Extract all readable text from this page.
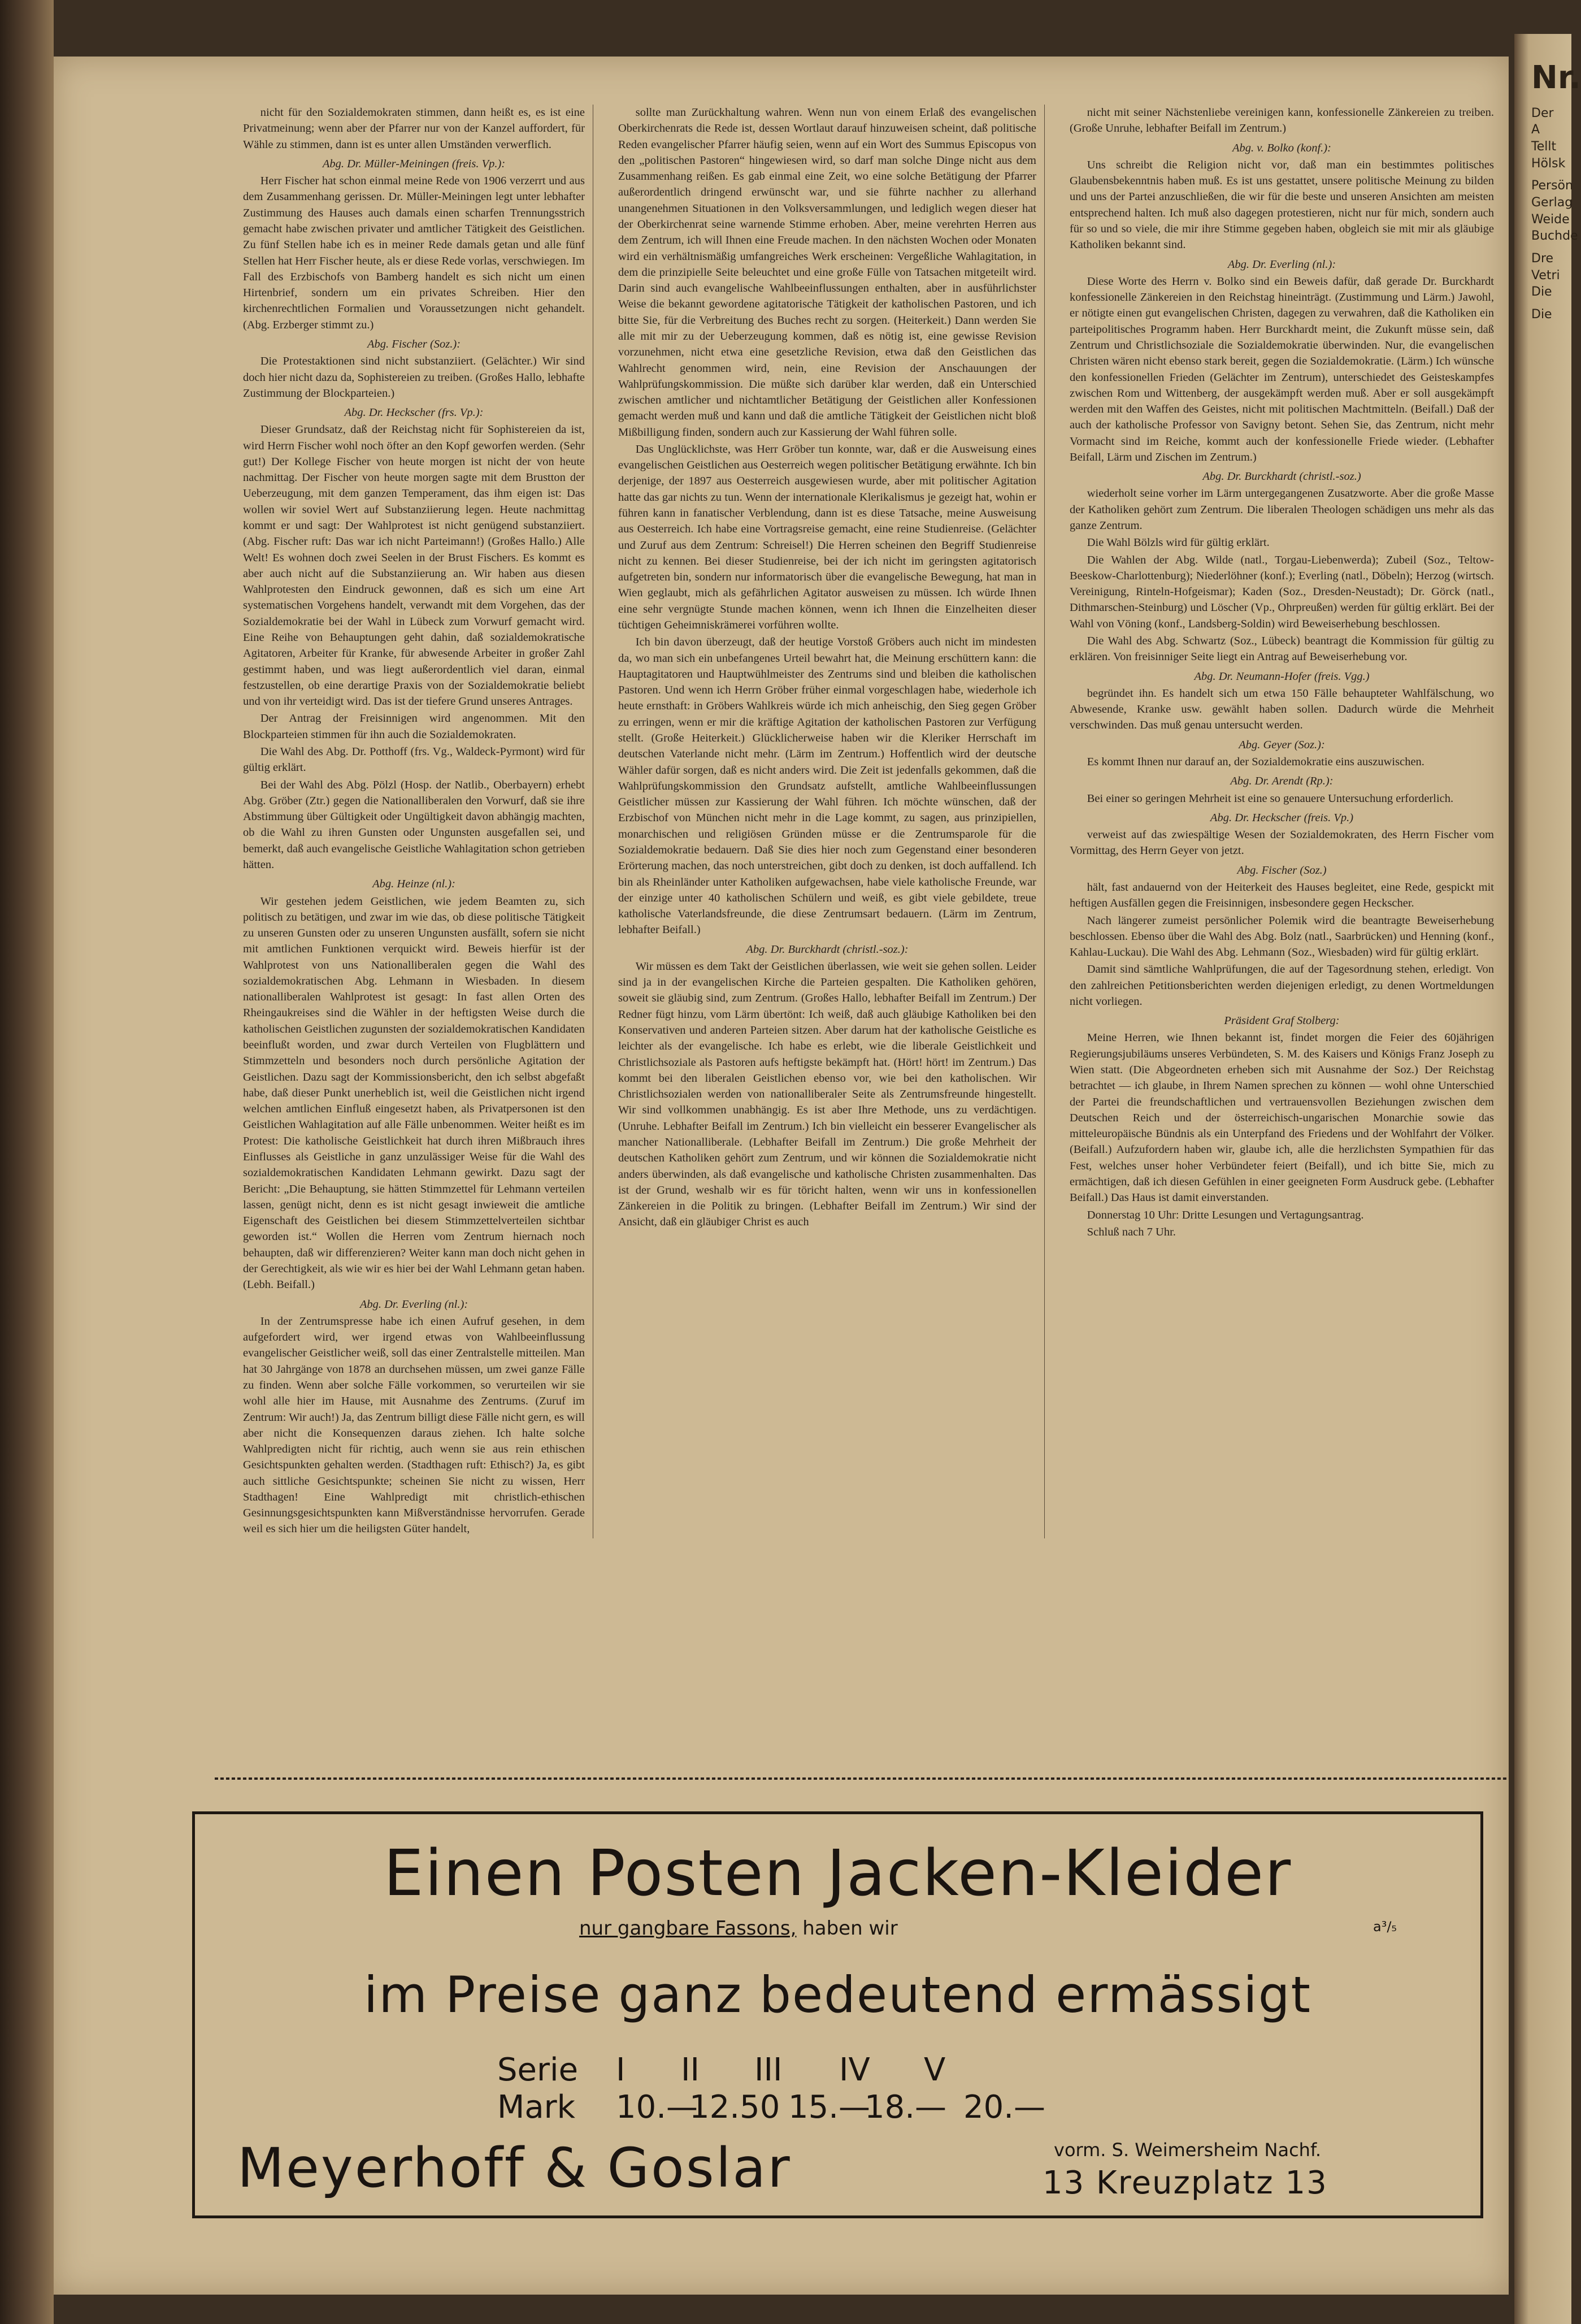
nicht für den Sozialdemokraten stimmen, dann heißt es, es ist eine Privatmeinung; wenn aber der Pfarrer nur von der Kanzel auffordert, für Wähle zu stimmen, dann ist es unter allen Umständen verwerflich.

Abg. Dr. Müller-Meiningen (freis. Vp.):

Herr Fischer hat schon einmal meine Rede von 1906 verzerrt und aus dem Zusammenhang gerissen. Dr. Müller-Meiningen legt unter lebhafter Zustimmung des Hauses auch damals einen scharfen Trennungsstrich gemacht habe zwischen privater und amtlicher Tätigkeit des Geistlichen. Zu fünf Stellen habe ich es in meiner Rede damals getan und alle fünf Stellen hat Herr Fischer heute, als er diese Rede vorlas, verschwiegen. Im Fall des Erzbischofs von Bamberg handelt es sich nicht um einen Hirtenbrief, sondern um ein privates Schreiben. Hier den kirchenrechtlichen Formalien und Voraussetzungen nicht gehandelt. (Abg. Erzberger stimmt zu.)

Abg. Fischer (Soz.):

Die Protestaktionen sind nicht substanziiert. (Gelächter.) Wir sind doch hier nicht dazu da, Sophistereien zu treiben. (Großes Hallo, lebhafte Zustimmung der Blockparteien.)

Abg. Dr. Heckscher (frs. Vp.):

Dieser Grundsatz, daß der Reichstag nicht für Sophistereien da ist, wird Herrn Fischer wohl noch öfter an den Kopf geworfen werden. (Sehr gut!) Der Kollege Fischer von heute morgen ist nicht der von heute nachmittag. Der Fischer von heute morgen sagte mit dem Brustton der Ueberzeugung, mit dem ganzen Temperament, das ihm eigen ist: Das wollen wir soviel Wert auf Substanziierung legen. Heute nachmittag kommt er und sagt: Der Wahlprotest ist nicht genügend substanziiert. (Abg. Fischer ruft: Das war ich nicht Parteimann!) (Großes Hallo.) Alle Welt! Es wohnen doch zwei Seelen in der Brust Fischers. Es kommt es aber auch nicht auf die Substanziierung an. Wir haben aus diesen Wahlprotesten den Eindruck gewonnen, daß es sich um eine Art systematischen Vorgehens handelt, verwandt mit dem Vorgehen, das der Sozialdemokratie bei der Wahl in Lübeck zum Vorwurf gemacht wird. Eine Reihe von Behauptungen geht dahin, daß sozialdemokratische Agitatoren, Arbeiter für Kranke, für abwesende Arbeiter in großer Zahl gestimmt haben, und was liegt außerordentlich viel daran, einmal festzustellen, ob eine derartige Praxis von der Sozialdemokratie beliebt und von ihr verteidigt wird. Das ist der tiefere Grund unseres Antrages.

Der Antrag der Freisinnigen wird angenommen. Mit den Blockparteien stimmen für ihn auch die Sozialdemokraten.

Die Wahl des Abg. Dr. Potthoff (frs. Vg., Waldeck-Pyrmont) wird für gültig erklärt.

Bei der Wahl des Abg. Pölzl (Hosp. der Natlib., Oberbayern) erhebt Abg. Gröber (Ztr.) gegen die Nationalliberalen den Vorwurf, daß sie ihre Abstimmung über Gültigkeit oder Ungültigkeit davon abhängig machten, ob die Wahl zu ihren Gunsten oder Ungunsten ausgefallen sei, und bemerkt, daß auch evangelische Geistliche Wahlagitation schon getrieben hätten.

Abg. Heinze (nl.):

Wir gestehen jedem Geistlichen, wie jedem Beamten zu, sich politisch zu betätigen, und zwar im wie das, ob diese politische Tätigkeit zu unseren Gunsten oder zu unseren Ungunsten ausfällt, sofern sie nicht mit amtlichen Funktionen verquickt wird. Beweis hierfür ist der Wahlprotest von uns Nationalliberalen gegen die Wahl des sozialdemokratischen Abg. Lehmann in Wiesbaden. In diesem nationalliberalen Wahlprotest ist gesagt: In fast allen Orten des Rheingaukreises sind die Wähler in der heftigsten Weise durch die katholischen Geistlichen zugunsten der sozialdemokratischen Kandidaten beeinflußt worden, und zwar durch Verteilen von Flugblättern und Stimmzetteln und besonders noch durch persönliche Agitation der Geistlichen. Dazu sagt der Kommissionsbericht, den ich selbst abgefaßt habe, daß dieser Punkt unerheblich ist, weil die Geistlichen nicht irgend welchen amtlichen Einfluß eingesetzt haben, als Privatpersonen ist den Geistlichen Wahlagitation auf alle Fälle unbenommen. Weiter heißt es im Protest: Die katholische Geistlichkeit hat durch ihren Mißbrauch ihres Einflusses als Geistliche in ganz unzulässiger Weise für die Wahl des sozialdemokratischen Kandidaten Lehmann gewirkt. Dazu sagt der Bericht: „Die Behauptung, sie hätten Stimmzettel für Lehmann verteilen lassen, genügt nicht, denn es ist nicht gesagt inwieweit die amtliche Eigenschaft des Geistlichen bei diesem Stimmzettelverteilen sichtbar geworden ist.“ Wollen die Herren vom Zentrum hiernach noch behaupten, daß wir differenzieren? Weiter kann man doch nicht gehen in der Gerechtigkeit, als wie wir es hier bei der Wahl Lehmann getan haben. (Lebh. Beifall.)

Abg. Dr. Everling (nl.):

In der Zentrumspresse habe ich einen Aufruf gesehen, in dem aufgefordert wird, wer irgend etwas von Wahlbeeinflussung evangelischer Geistlicher weiß, soll das einer Zentralstelle mitteilen. Man hat 30 Jahrgänge von 1878 an durchsehen müssen, um zwei ganze Fälle zu finden. Wenn aber solche Fälle vorkommen, so verurteilen wir sie wohl alle hier im Hause, mit Ausnahme des Zentrums. (Zuruf im Zentrum: Wir auch!) Ja, das Zentrum billigt diese Fälle nicht gern, es will aber nicht die Konsequenzen daraus ziehen. Ich halte solche Wahlpredigten nicht für richtig, auch wenn sie aus rein ethischen Gesichtspunkten gehalten werden. (Stadthagen ruft: Ethisch?) Ja, es gibt auch sittliche Gesichtspunkte; scheinen Sie nicht zu wissen, Herr Stadthagen! Eine Wahlpredigt mit christlich-ethischen Gesinnungsgesichtspunkten kann Mißverständnisse hervorrufen. Gerade weil es sich hier um die heiligsten Güter handelt,

sollte man Zurückhaltung wahren. Wenn nun von einem Erlaß des evangelischen Oberkirchenrats die Rede ist, dessen Wortlaut darauf hinzuweisen scheint, daß politische Reden evangelischer Pfarrer häufig seien, wenn auf ein Wort des Summus Episcopus von den „politischen Pastoren“ hingewiesen wird, so darf man solche Dinge nicht aus dem Zusammenhang reißen. Es gab einmal eine Zeit, wo eine solche Betätigung der Pfarrer außerordentlich dringend erwünscht war, und sie führte nachher zu allerhand unangenehmen Situationen in den Volksversammlungen, und lediglich wegen dieser hat der Oberkirchenrat seine warnende Stimme erhoben. Aber, meine verehrten Herren aus dem Zentrum, ich will Ihnen eine Freude machen. In den nächsten Wochen oder Monaten wird ein verhältnismäßig umfangreiches Werk erscheinen: Vergeßliche Wahlagitation, in dem die prinzipielle Seite beleuchtet und eine große Fülle von Tatsachen mitgeteilt wird. Darin sind auch evangelische Wahlbeeinflussungen enthalten, aber in ausführlichster Weise die bekannt gewordene agitatorische Tätigkeit der katholischen Pastoren, und ich bitte Sie, für die Verbreitung des Buches recht zu sorgen. (Heiterkeit.) Dann werden Sie alle mit mir zu der Ueberzeugung kommen, daß es nötig ist, eine gewisse Revision vorzunehmen, nicht etwa eine gesetzliche Revision, etwa daß den Geistlichen das Wahlrecht genommen wird, nein, eine Revision der Anschauungen der Wahlprüfungskommission. Die müßte sich darüber klar werden, daß ein Unterschied zwischen amtlicher und nichtamtlicher Betätigung der Geistlichen aller Konfessionen gemacht werden muß und kann und daß die amtliche Tätigkeit der Geistlichen nicht bloß Mißbilligung finden, sondern auch zur Kassierung der Wahl führen solle.

Das Unglücklichste, was Herr Gröber tun konnte, war, daß er die Ausweisung eines evangelischen Geistlichen aus Oesterreich wegen politischer Betätigung erwähnte. Ich bin derjenige, der 1897 aus Oesterreich ausgewiesen wurde, aber mit politischer Agitation hatte das gar nichts zu tun. Wenn der internationale Klerikalismus je gezeigt hat, wohin er führen kann in fanatischer Verblendung, dann ist es diese Tatsache, meine Ausweisung aus Oesterreich. Ich habe eine Vortragsreise gemacht, eine reine Studienreise. (Gelächter und Zuruf aus dem Zentrum: Schreisel!) Die Herren scheinen den Begriff Studienreise nicht zu kennen. Bei dieser Studienreise, bei der ich nicht im geringsten agitatorisch aufgetreten bin, sondern nur informatorisch über die evangelische Bewegung, hat man in Wien geglaubt, mich als gefährlichen Agitator ausweisen zu müssen. Ich würde Ihnen eine sehr vergnügte Stunde machen können, wenn ich Ihnen die Einzelheiten dieser tüchtigen Geheimniskrämerei vorführen wollte.

Ich bin davon überzeugt, daß der heutige Vorstoß Gröbers auch nicht im mindesten da, wo man sich ein unbefangenes Urteil bewahrt hat, die Meinung erschüttern kann: die Hauptagitatoren und Hauptwühlmeister des Zentrums sind und bleiben die katholischen Pastoren. Und wenn ich Herrn Gröber früher einmal vorgeschlagen habe, wiederhole ich heute ernsthaft: in Gröbers Wahlkreis würde ich mich anheischig, den Sieg gegen Gröber zu erringen, wenn er mir die kräftige Agitation der katholischen Pastoren zur Verfügung stellt. (Große Heiterkeit.) Glücklicherweise haben wir die Kleriker Herrschaft im deutschen Vaterlande nicht mehr. (Lärm im Zentrum.) Hoffentlich wird der deutsche Wähler dafür sorgen, daß es nicht anders wird. Die Zeit ist jedenfalls gekommen, daß die Wahlprüfungskommission den Grundsatz aufstellt, amtliche Wahlbeeinflussungen Geistlicher müssen zur Kassierung der Wahl führen. Ich möchte wünschen, daß der Erzbischof von München nicht mehr in die Lage kommt, zu sagen, aus prinzipiellen, monarchischen und religiösen Gründen müsse er die Zentrumsparole für die Sozialdemokratie bedauern. Daß Sie dies hier noch zum Gegenstand einer besonderen Erörterung machen, das noch unterstreichen, gibt doch zu denken, ist doch auffallend. Ich bin als Rheinländer unter Katholiken aufgewachsen, habe viele katholische Freunde, war der einzige unter 40 katholischen Schülern und weiß, es gibt viele gebildete, treue katholische Vaterlandsfreunde, die diese Zentrumsart bedauern. (Lärm im Zentrum, lebhafter Beifall.)

Abg. Dr. Burckhardt (christl.-soz.):

Wir müssen es dem Takt der Geistlichen überlassen, wie weit sie gehen sollen. Leider sind ja in der evangelischen Kirche die Parteien gespalten. Die Katholiken gehören, soweit sie gläubig sind, zum Zentrum. (Großes Hallo, lebhafter Beifall im Zentrum.) Der Redner fügt hinzu, vom Lärm übertönt: Ich weiß, daß auch gläubige Katholiken bei den Konservativen und anderen Parteien sitzen. Aber darum hat der katholische Geistliche es leichter als der evangelische. Ich habe es erlebt, wie die liberale Geistlichkeit und Christlichsoziale als Pastoren aufs heftigste bekämpft hat. (Hört! hört! im Zentrum.) Das kommt bei den liberalen Geistlichen ebenso vor, wie bei den katholischen. Wir Christlichsozialen werden von nationalliberaler Seite als Zentrumsfreunde hingestellt. Wir sind vollkommen unabhängig. Es ist aber Ihre Methode, uns zu verdächtigen. (Unruhe. Lebhafter Beifall im Zentrum.) Ich bin vielleicht ein besserer Evangelischer als mancher Nationalliberale. (Lebhafter Beifall im Zentrum.) Die große Mehrheit der deutschen Katholiken gehört zum Zentrum, und wir können die Sozialdemokratie nicht anders überwinden, als daß evangelische und katholische Christen zusammenhalten. Das ist der Grund, weshalb wir es für töricht halten, wenn wir uns in konfessionellen Zänkereien in die Politik zu bringen. (Lebhafter Beifall im Zentrum.) Wir sind der Ansicht, daß ein gläubiger Christ es auch

nicht mit seiner Nächstenliebe vereinigen kann, konfessionelle Zänkereien zu treiben. (Große Unruhe, lebhafter Beifall im Zentrum.)

Abg. v. Bolko (konf.):

Uns schreibt die Religion nicht vor, daß man ein bestimmtes politisches Glaubensbekenntnis haben muß. Es ist uns gestattet, unsere politische Meinung zu bilden und uns der Partei anzuschließen, die wir für die beste und unseren Ansichten am meisten entsprechend halten. Ich muß also dagegen protestieren, nicht nur für mich, sondern auch für so und so viele, die mir ihre Stimme gegeben haben, obgleich sie mit mir als gläubige Katholiken bekannt sind.

Abg. Dr. Everling (nl.):

Diese Worte des Herrn v. Bolko sind ein Beweis dafür, daß gerade Dr. Burckhardt konfessionelle Zänkereien in den Reichstag hineinträgt. (Zustimmung und Lärm.) Jawohl, er nötigte einen gut evangelischen Christen, dagegen zu verwahren, daß die Katholiken ein parteipolitisches Programm haben. Herr Burckhardt meint, die Zukunft müsse sein, daß Zentrum und Christlichsoziale die Sozialdemokratie überwinden. Nur, die evangelischen Christen wären nicht ebenso stark bereit, gegen die Sozialdemokratie. (Lärm.) Ich wünsche den konfessionellen Frieden (Gelächter im Zentrum), unterschiedet des Geisteskampfes zwischen Rom und Wittenberg, der ausgekämpft werden muß. Aber er soll ausgekämpft werden mit den Waffen des Geistes, nicht mit politischen Machtmitteln. (Beifall.) Daß der auch der katholische Professor von Savigny betont. Sehen Sie, das Zentrum, nicht mehr Vormacht sind im Reiche, kommt auch der konfessionelle Friede wieder. (Lebhafter Beifall, Lärm und Zischen im Zentrum.)

Abg. Dr. Burckhardt (christl.-soz.)

wiederholt seine vorher im Lärm untergegangenen Zusatzworte. Aber die große Masse der Katholiken gehört zum Zentrum. Die liberalen Theologen schädigen uns mehr als das ganze Zentrum.

Die Wahl Bölzls wird für gültig erklärt.

Die Wahlen der Abg. Wilde (natl., Torgau-Liebenwerda); Zubeil (Soz., Teltow-Beeskow-Charlottenburg); Niederlöhner (konf.); Everling (natl., Döbeln); Herzog (wirtsch. Vereinigung, Rinteln-Hofgeismar); Kaden (Soz., Dresden-Neustadt); Dr. Görck (natl., Dithmarschen-Steinburg) und Löscher (Vp., Ohrpreußen) werden für gültig erklärt. Bei der Wahl von Vöning (konf., Landsberg-Soldin) wird Beweiserhebung beschlossen.

Die Wahl des Abg. Schwartz (Soz., Lübeck) beantragt die Kommission für gültig zu erklären. Von freisinniger Seite liegt ein Antrag auf Beweiserhebung vor.

Abg. Dr. Neumann-Hofer (freis. Vgg.)

begründet ihn. Es handelt sich um etwa 150 Fälle behaupteter Wahlfälschung, wo Abwesende, Kranke usw. gewählt haben sollen. Dadurch würde die Mehrheit verschwinden. Das muß genau untersucht werden.

Abg. Geyer (Soz.):

Es kommt Ihnen nur darauf an, der Sozialdemokratie eins auszuwischen.

Abg. Dr. Arendt (Rp.):

Bei einer so geringen Mehrheit ist eine so genauere Untersuchung erforderlich.

Abg. Dr. Heckscher (freis. Vp.)

verweist auf das zwiespältige Wesen der Sozialdemokraten, des Herrn Fischer vom Vormittag, des Herrn Geyer von jetzt.

Abg. Fischer (Soz.)

hält, fast andauernd von der Heiterkeit des Hauses begleitet, eine Rede, gespickt mit heftigen Ausfällen gegen die Freisinnigen, insbesondere gegen Heckscher.

Nach längerer zumeist persönlicher Polemik wird die beantragte Beweiserhebung beschlossen. Ebenso über die Wahl des Abg. Bolz (natl., Saarbrücken) und Henning (konf., Kahlau-Luckau). Die Wahl des Abg. Lehmann (Soz., Wiesbaden) wird für gültig erklärt.

Damit sind sämtliche Wahlprüfungen, die auf der Tagesordnung stehen, erledigt. Von den zahlreichen Petitionsberichten werden diejenigen erledigt, zu denen Wortmeldungen nicht vorliegen.

Präsident Graf Stolberg:

Meine Herren, wie Ihnen bekannt ist, findet morgen die Feier des 60jährigen Regierungsjubiläums unseres Verbündeten, S. M. des Kaisers und Königs Franz Joseph zu Wien statt. (Die Abgeordneten erheben sich mit Ausnahme der Soz.) Der Reichstag betrachtet — ich glaube, in Ihrem Namen sprechen zu können — wohl ohne Unterschied der Partei die freundschaftlichen und vertrauensvollen Beziehungen zwischen dem Deutschen Reich und der österreichisch-ungarischen Monarchie sowie das mitteleuropäische Bündnis als ein Unterpfand des Friedens und der Wohlfahrt der Völker. (Beifall.) Aufzufordern haben wir, glaube ich, alle die herzlichsten Sympathien für das Fest, welches unser hoher Verbündeter feiert (Beifall), und ich bitte Sie, mich zu ermächtigen, daß ich diesen Gefühlen in einer geeigneten Form Ausdruck gebe. (Lebhafter Beifall.) Das Haus ist damit einverstanden.

Donnerstag 10 Uhr: Dritte Lesungen und Vertagungsantrag.

Schluß nach 7 Uhr.

Einen Posten Jacken-Kleider
nur gangbare Fassons, haben wir	a³/₅
im Preise ganz bedeutend ermässigt
Serie
Mark
I
10.—
II
12.50
III
15.—
IV
18.—
V
20.—
Meyerhoff & Goslar	vorm. S. Weimersheim Nachf.
13 Kreuzplatz 13
Nr.
Der
A
Tellt
Hölsk
Persön
Gerlag
Weide
Buchde
Dre
Vetri
Die
Die
